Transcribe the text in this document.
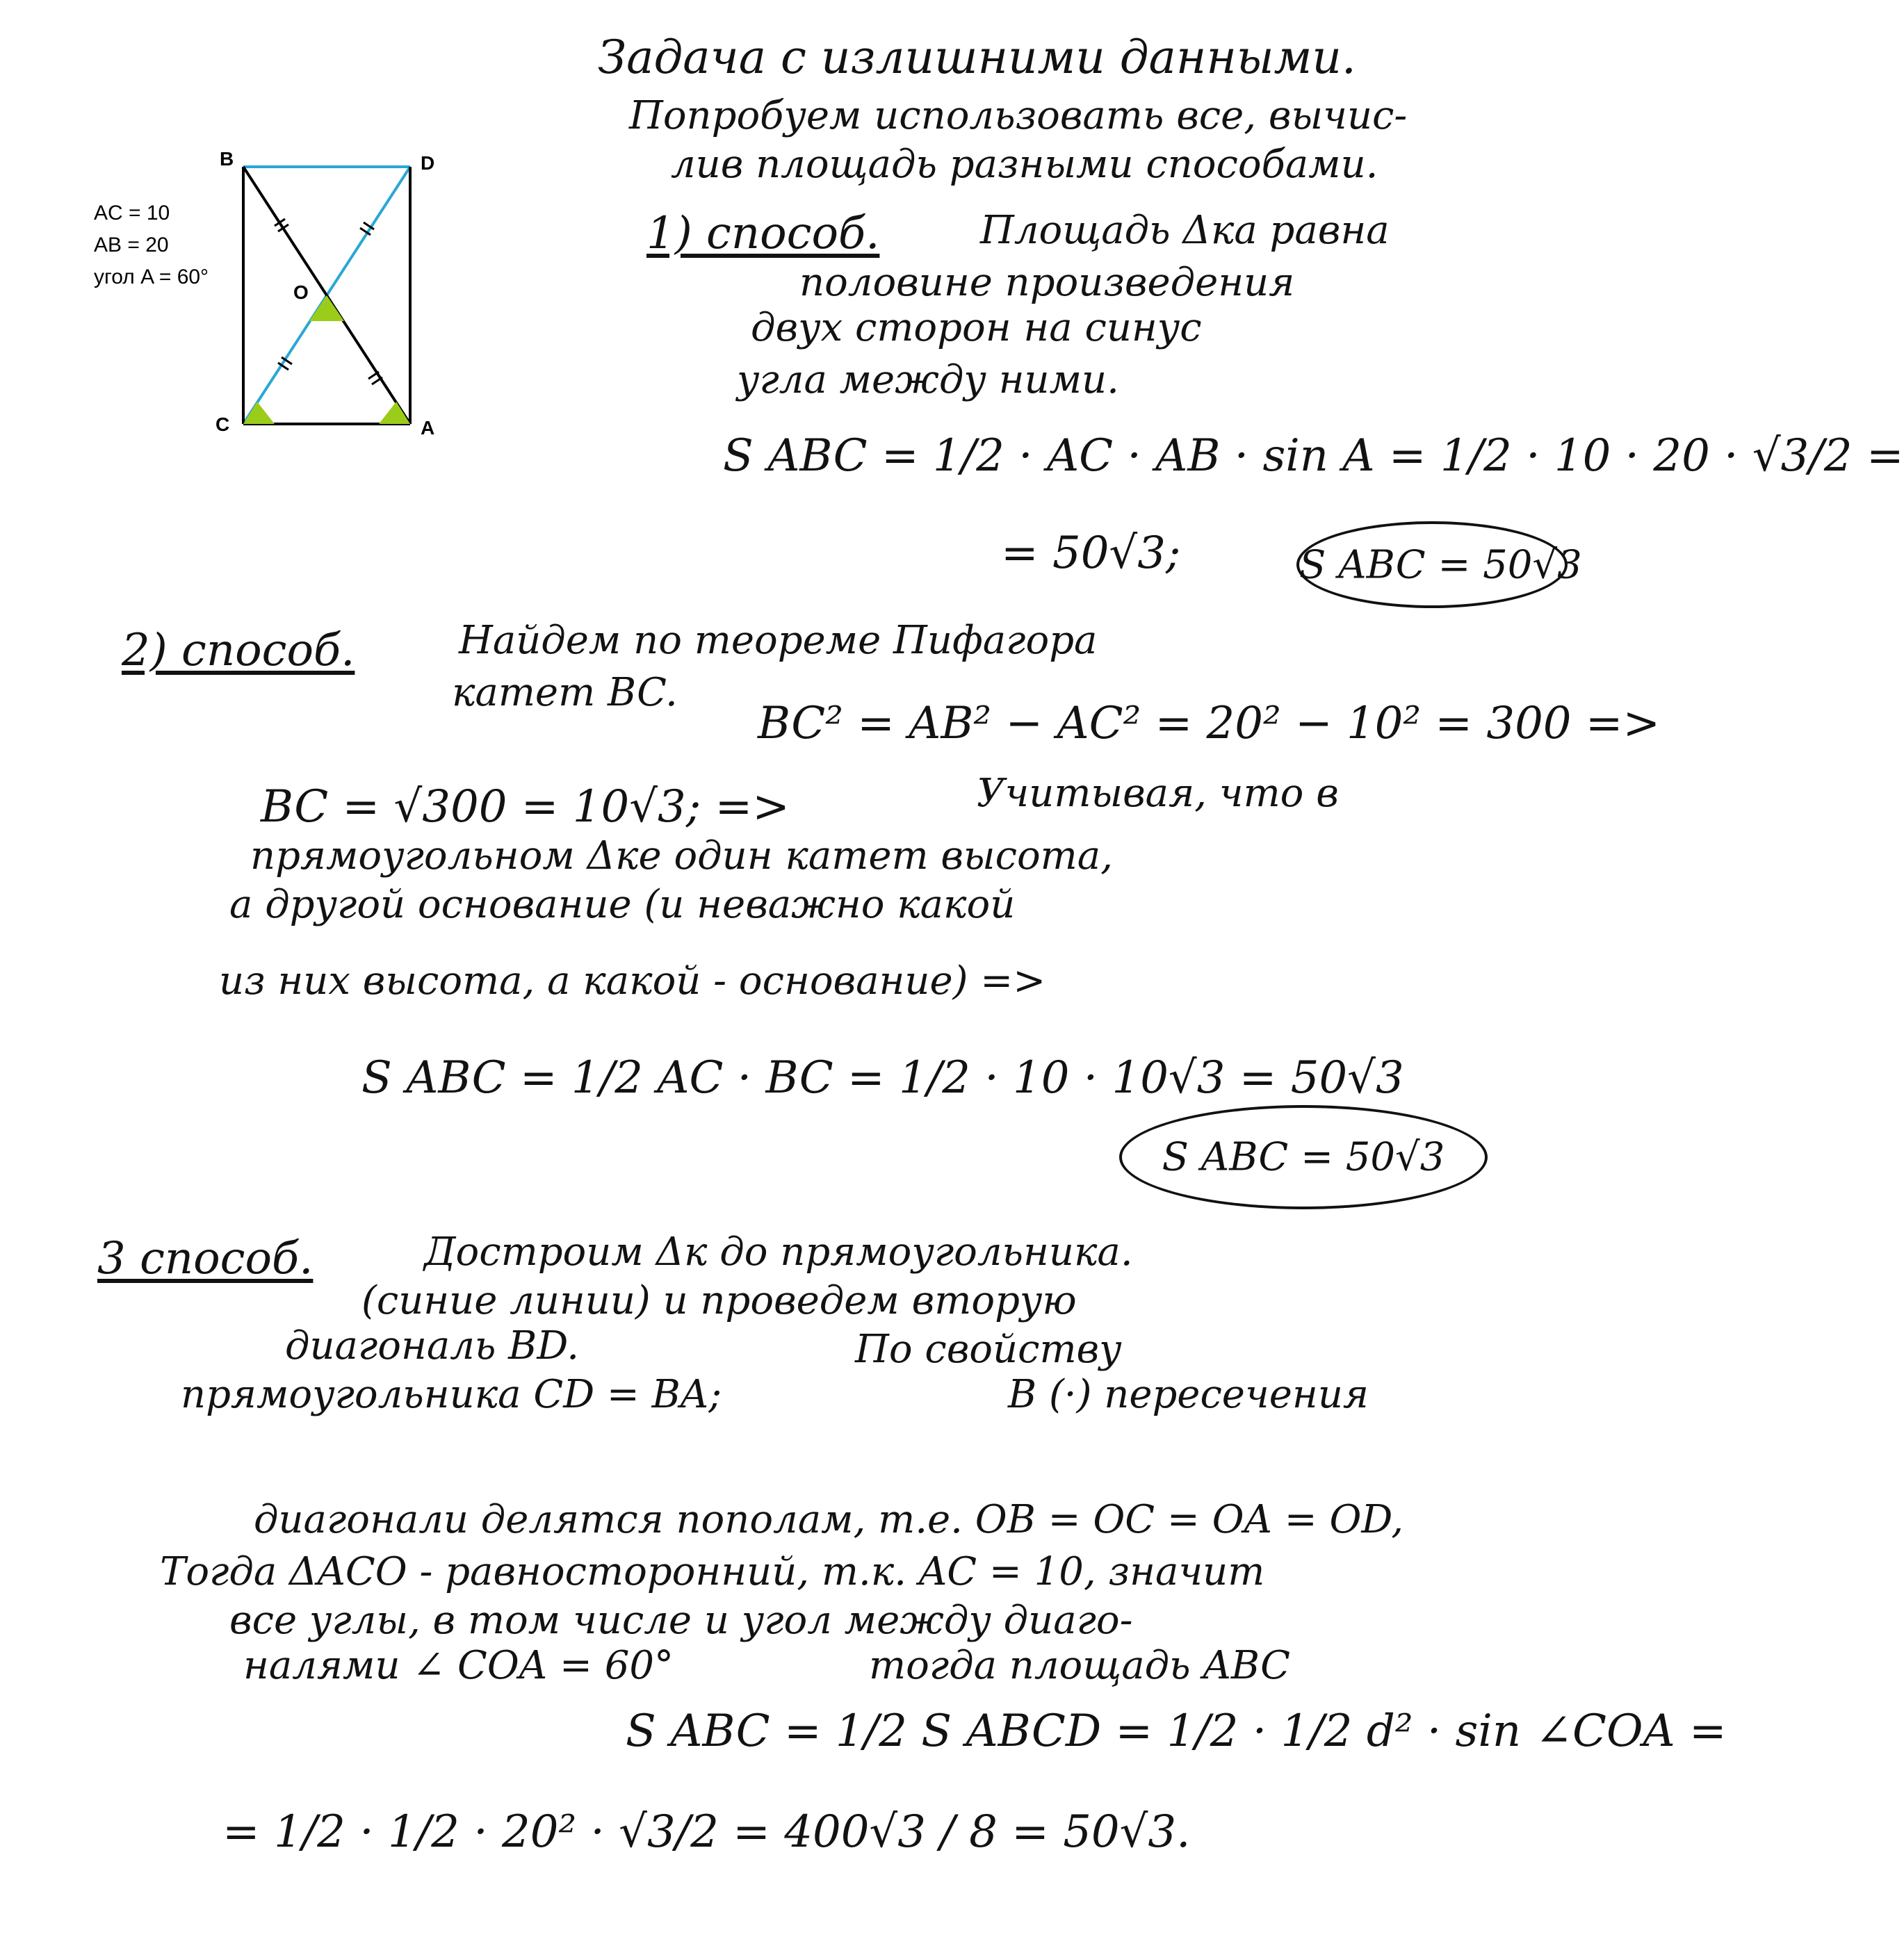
B	D
O
C	A
AC = 10
AB = 20
угол A = 60°
Задача с излишними данными.
Попробуем использовать все, вычис-
лив площадь разными способами.
1) способ.	Площадь Δка равна
половине произведения
двух сторон на синус
угла между ними.
S ABC = 1/2 · AC · AB · sin A = 1/2 · 10 · 20 · √3/2 =
= 50√3;	S ABC = 50√3
2) способ.	Найдем по теореме Пифагора
катет BC.
BC² = AB² − AC² = 20² − 10² = 300 =>
BC = √300 = 10√3; =>	Учитывая, что в
прямоугольном Δке один катет высота,
а другой основание (и неважно какой
из них высота, а какой - основание) =>
S ABC = 1/2 AC · BC = 1/2 · 10 · 10√3 = 50√3
S ABC = 50√3
3 способ.	Достроим Δк до прямоугольника.
(синие линии) и проведем вторую
диагональ BD.	По свойству
прямоугольника CD = BA;	В (·) пересечения
диагонали делятся пополам, т.е. OB = OC = OA = OD,
Тогда ΔACO - равносторонний, т.к. AC = 10, значит
все углы, в том числе и угол между диаго-
налями ∠ COA = 60°	тогда площадь ABC
S ABC = 1/2 S ABCD = 1/2 · 1/2 d² · sin ∠COA =
= 1/2 · 1/2 · 20² · √3/2 = 400√3 / 8 = 50√3.
